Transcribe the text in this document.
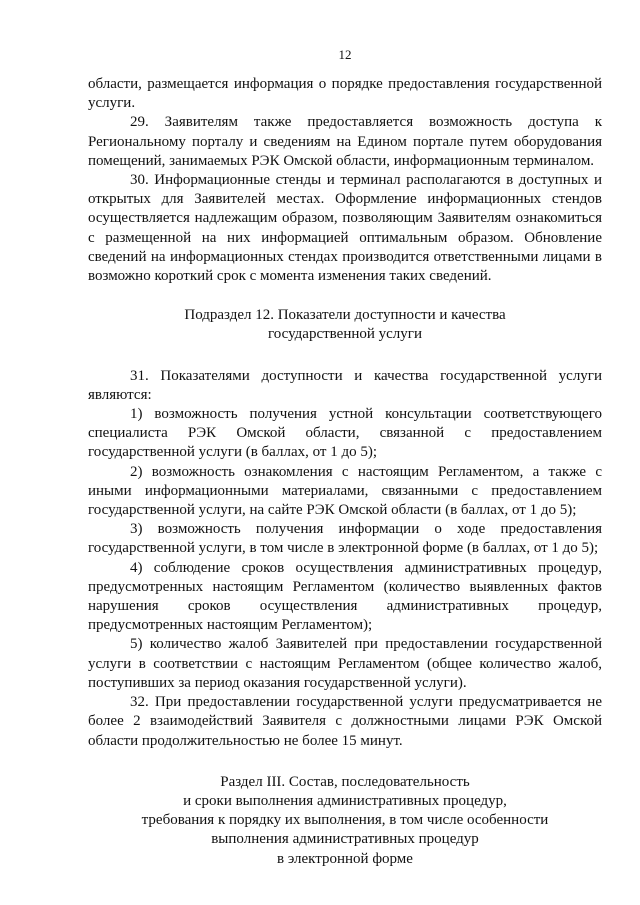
12

области, размещается информация о порядке предоставления государственной услуги.

29. Заявителям также предоставляется возможность доступа к Региональному порталу и сведениям на Едином портале путем оборудования помещений, занимаемых РЭК Омской области, информационным терминалом.

30. Информационные стенды и терминал располагаются в доступных и открытых для Заявителей местах. Оформление информационных стендов осуществляется надлежащим образом, позволяющим Заявителям ознакомиться с размещенной на них информацией оптимальным образом. Обновление сведений на информационных стендах производится ответственными лицами в возможно короткий срок с момента изменения таких сведений.

Подраздел 12. Показатели доступности и качества

государственной услуги

31. Показателями доступности и качества государственной услуги являются:

1) возможность получения устной консультации соответствующего специалиста РЭК Омской области, связанной с предоставлением государственной услуги (в баллах, от 1 до 5);

2) возможность ознакомления с настоящим Регламентом, а также с иными информационными материалами, связанными с предоставлением государственной услуги, на сайте РЭК Омской области (в баллах, от 1 до 5);

3) возможность получения информации о ходе предоставления государственной услуги, в том числе в электронной форме (в баллах, от 1 до 5);

4) соблюдение сроков осуществления административных процедур, предусмотренных настоящим Регламентом (количество выявленных фактов нарушения сроков осуществления административных процедур, предусмотренных настоящим Регламентом);

5) количество жалоб Заявителей при предоставлении государственной услуги в соответствии с настоящим Регламентом (общее количество жалоб, поступивших за период оказания государственной услуги).

32. При предоставлении государственной услуги предусматривается не более 2 взаимодействий Заявителя с должностными лицами РЭК Омской области продолжительностью не более 15 минут.

Раздел III. Состав, последовательность

и сроки выполнения административных процедур,

требования к порядку их выполнения, в том числе особенности

выполнения административных процедур

в электронной форме
